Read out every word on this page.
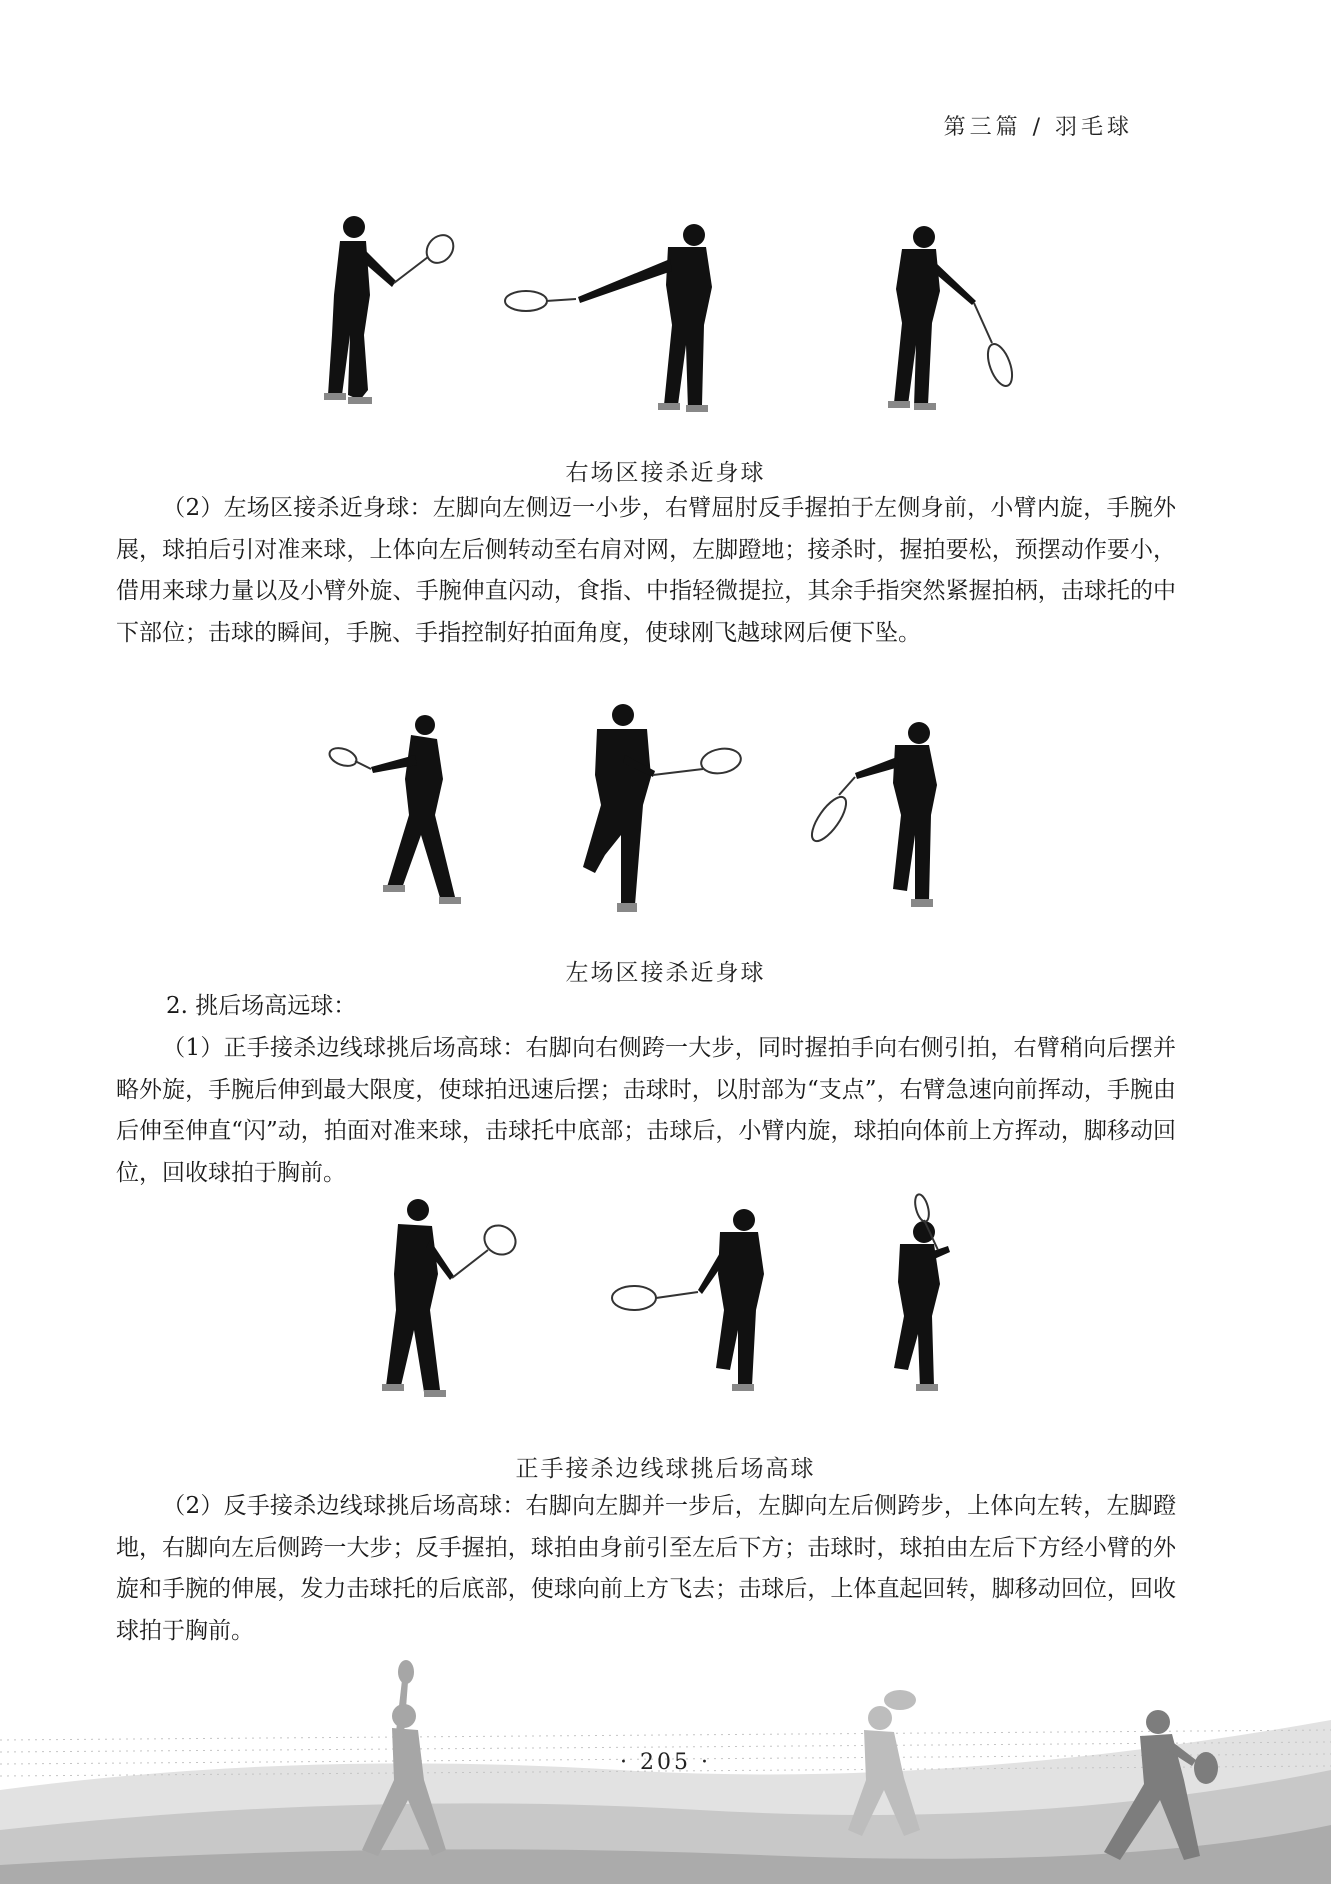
第三篇 / 羽毛球
右场区接杀近身球
（2）左场区接杀近身球：左脚向左侧迈一小步，右臂屈肘反手握拍于左侧身前，小臂内旋，手腕外展，球拍后引对准来球，上体向左后侧转动至右肩对网，左脚蹬地；接杀时，握拍要松，预摆动作要小，借用来球力量以及小臂外旋、手腕伸直闪动，食指、中指轻微提拉，其余手指突然紧握拍柄，击球托的中下部位；击球的瞬间，手腕、手指控制好拍面角度，使球刚飞越球网后便下坠。
左场区接杀近身球
2. 挑后场高远球：
（1）正手接杀边线球挑后场高球：右脚向右侧跨一大步，同时握拍手向右侧引拍，右臂稍向后摆并略外旋，手腕后伸到最大限度，使球拍迅速后摆；击球时，以肘部为“支点”，右臂急速向前挥动，手腕由后伸至伸直“闪”动，拍面对准来球，击球托中底部；击球后，小臂内旋，球拍向体前上方挥动，脚移动回位，回收球拍于胸前。
正手接杀边线球挑后场高球
（2）反手接杀边线球挑后场高球：右脚向左脚并一步后，左脚向左后侧跨步，上体向左转，左脚蹬地，右脚向左后侧跨一大步；反手握拍，球拍由身前引至左后下方；击球时，球拍由左后下方经小臂的外旋和手腕的伸展，发力击球托的后底部，使球向前上方飞去；击球后，上体直起回转，脚移动回位，回收球拍于胸前。
· 205 ·
